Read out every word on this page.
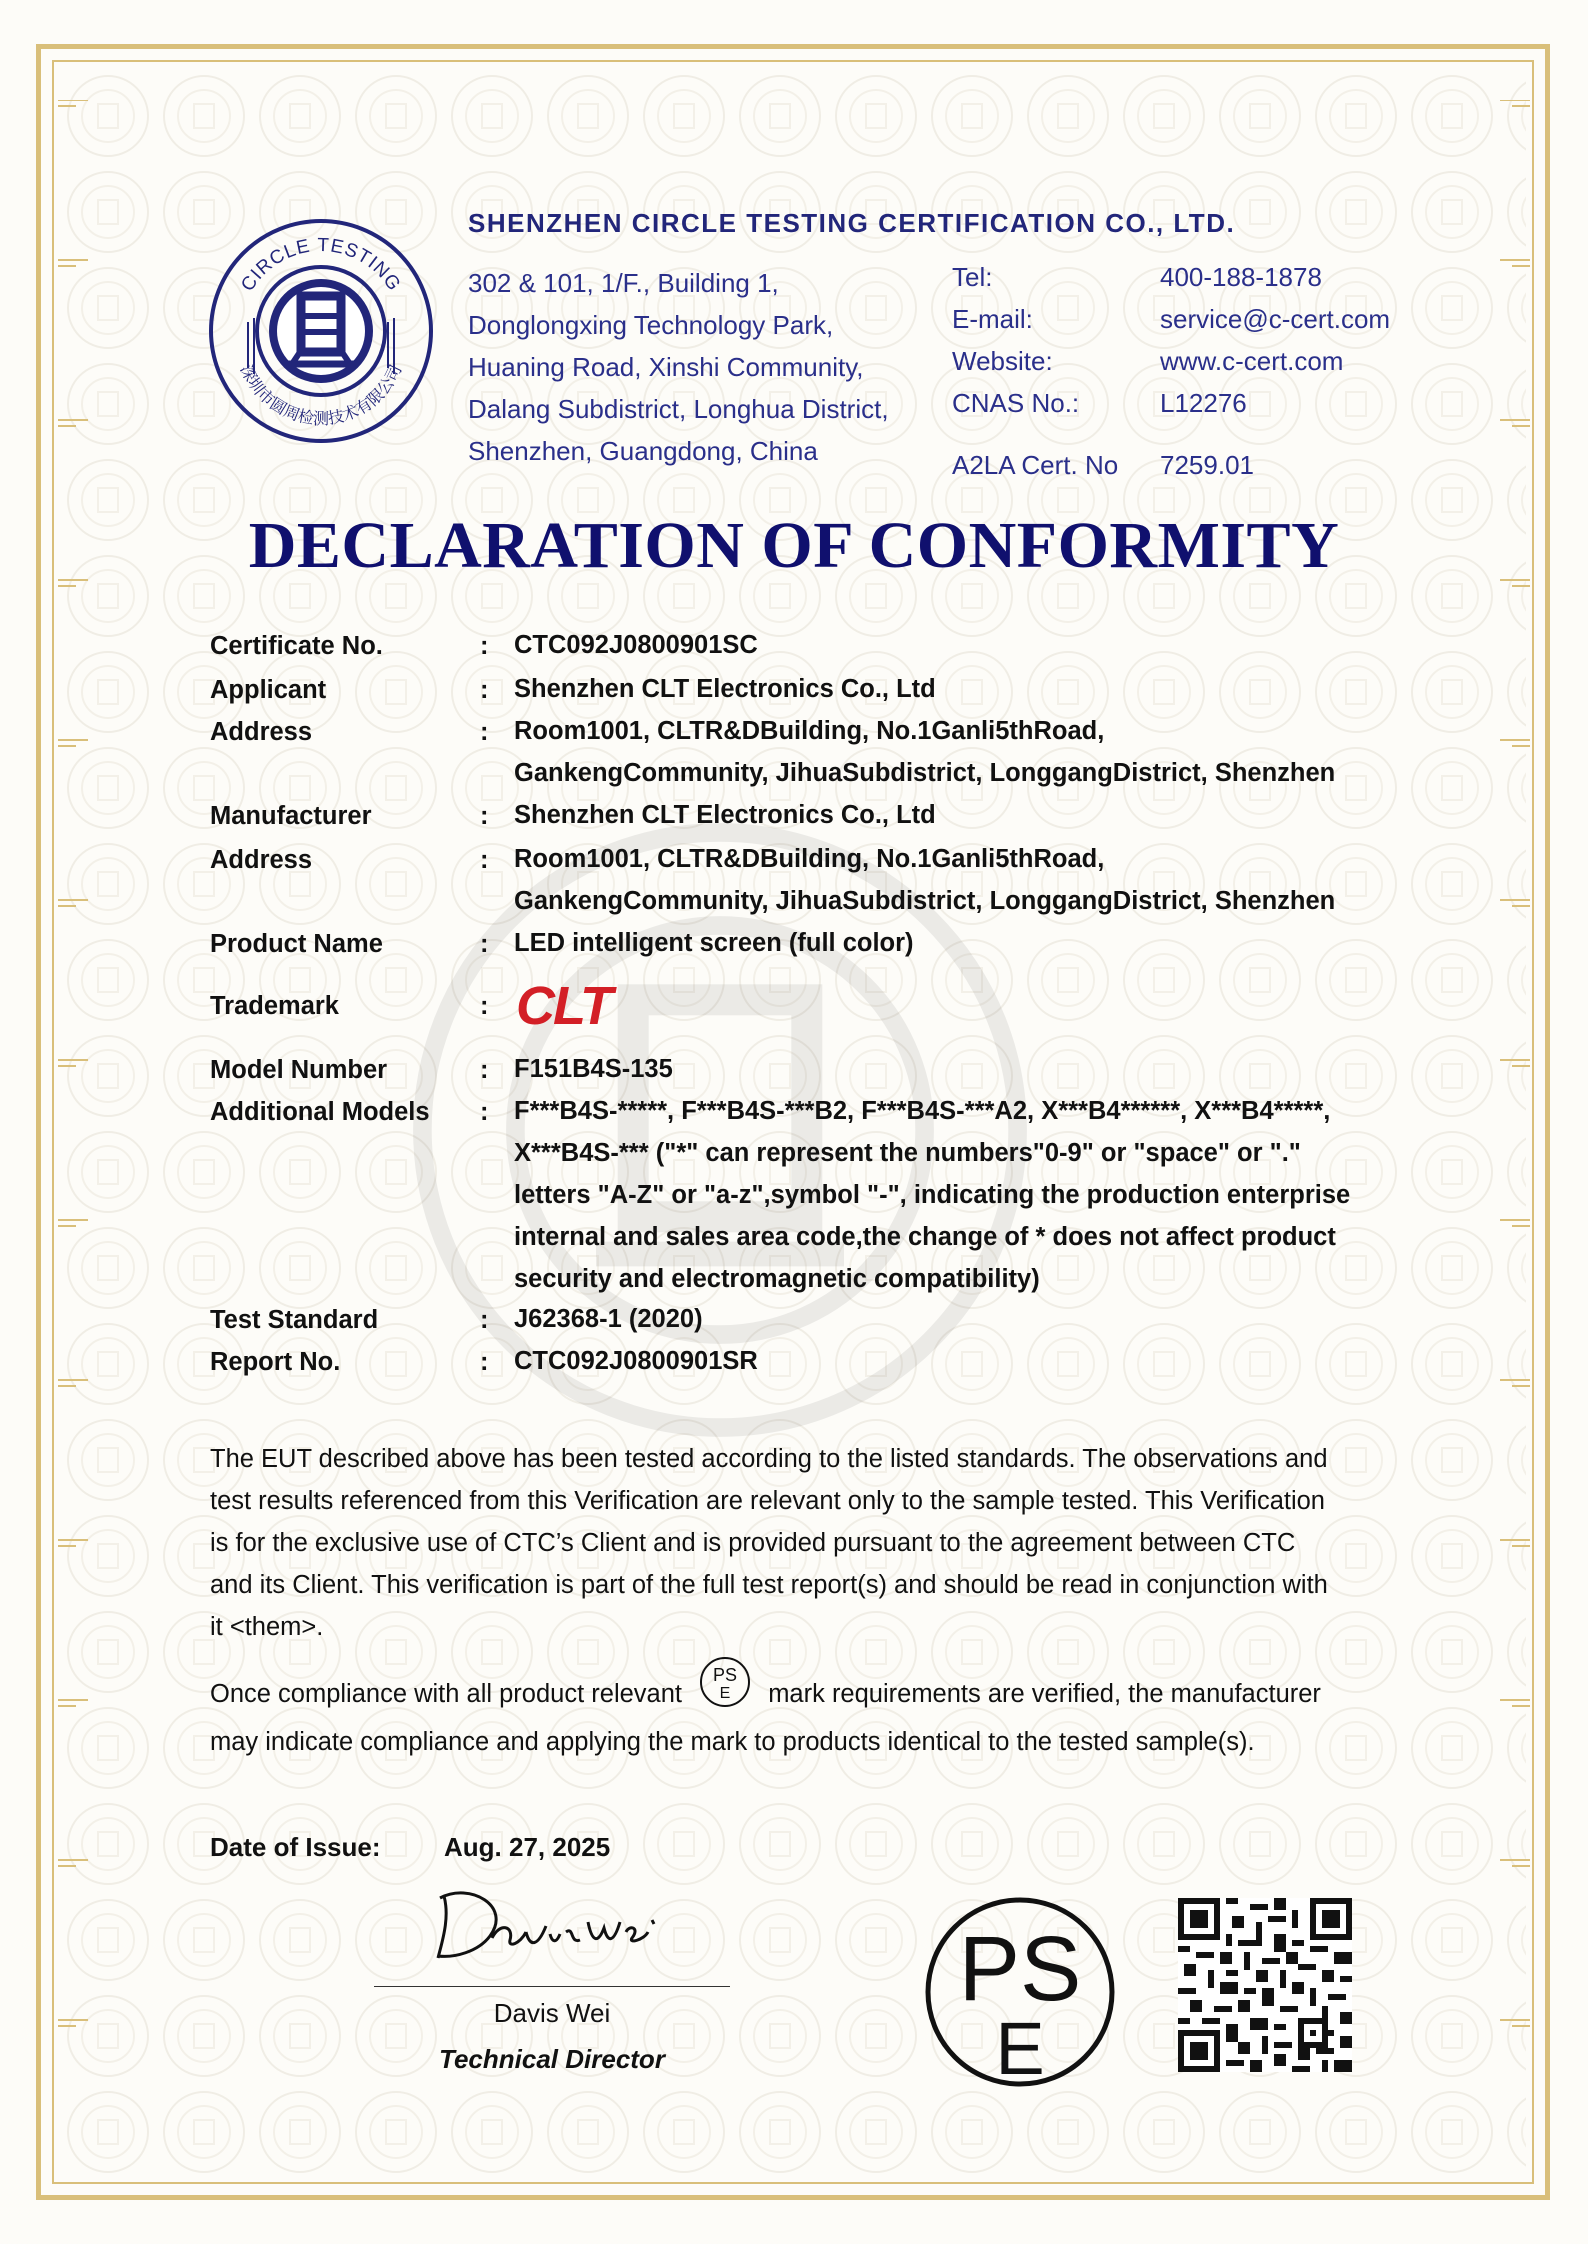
CIRCLE TESTING
深圳市圆周检测技术有限公司
SHENZHEN CIRCLE TESTING CERTIFICATION CO., LTD.
302 & 101, 1/F., Building 1,
Donglongxing Technology Park,
Huaning Road, Xinshi Community,
Dalang Subdistrict, Longhua District,
Shenzhen, Guangdong, China
Tel:	400-188-1878
E-mail:	service@c-cert.com
Website:	www.c-cert.com
CNAS No.:	L12276
A2LA Cert. No 7259.01
DECLARATION OF CONFORMITY
Certificate No.	: CTC092J0800901SC
Applicant	: Shenzhen CLT Electronics Co., Ltd
Address	: Room1001, CLTR&DBuilding, No.1Ganli5thRoad,
GankengCommunity, JihuaSubdistrict, LonggangDistrict, Shenzhen
Manufacturer	: Shenzhen CLT Electronics Co., Ltd
Address	: Room1001, CLTR&DBuilding, No.1Ganli5thRoad,
GankengCommunity, JihuaSubdistrict, LonggangDistrict, Shenzhen
Product Name	: LED intelligent screen (full color)
Trademark	: CLT
Model Number	: F151B4S-135
Additional Models : F***B4S-*****, F***B4S-***B2, F***B4S-***A2, X***B4******, X***B4*****,
X***B4S-*** ("*" can represent the numbers"0-9" or "space" or "."
letters "A-Z" or "a-z",symbol "-", indicating the production enterprise
internal and sales area code,the change of * does not affect product
security and electromagnetic compatibility)
Test Standard	: J62368-1 (2020)
Report No.	: CTC092J0800901SR
The EUT described above has been tested according to the listed standards. The observations and
test results referenced from this Verification are relevant only to the sample tested. This Verification
is for the exclusive use of CTC’s Client and is provided pursuant to the agreement between CTC
and its Client. This verification is part of the full test report(s) and should be read in conjunction with
it <them>.
Once compliance with all product relevant
PS
E mark requirements are verified, the manufacturer
may indicate compliance and applying the mark to products identical to the tested sample(s).
Date of Issue: Aug. 27, 2025
Davis Wei
Technical Director
PS
E
